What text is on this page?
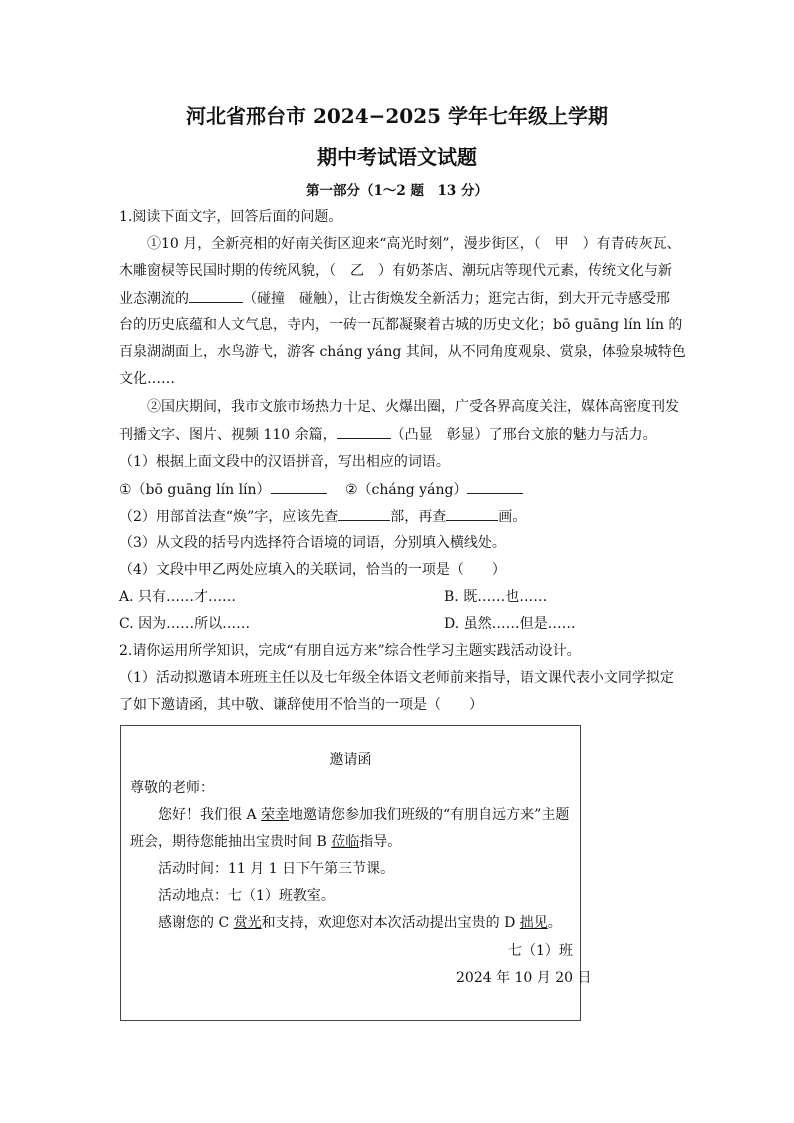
河北省邢台市 2024−2025 学年七年级上学期
期中考试语文试题
第一部分（1～2 题　13 分）
1.阅读下面文字，回答后面的问题。
①10 月，全新亮相的好南关街区迎来“高光时刻”，漫步街区，（　甲　）有青砖灰瓦、
木雕窗棂等民国时期的传统风貌，（　乙　）有奶茶店、潮玩店等现代元素，传统文化与新
业态潮流的	（碰撞　碰触），让古街焕发全新活力；逛完古街，到大开元寺感受邢
台的历史底蕴和人文气息，寺内，一砖一瓦都凝聚着古城的历史文化；bō guāng lín lín 的
百泉湖湖面上，水鸟游弋，游客 cháng yáng 其间，从不同角度观泉、赏泉，体验泉城特色
文化……
②国庆期间，我市文旅市场热力十足、火爆出圈，广受各界高度关注，媒体高密度刊发
刊播文字、图片、视频 110 余篇，	（凸显　彰显）了邢台文旅的魅力与活力。
（1）根据上面文段中的汉语拼音，写出相应的词语。
①（bō guāng lín lín）	②（cháng yáng）
（2）用部首法查“焕”字，应该先查	部，再查	画。
（3）从文段的括号内选择符合语境的词语，分别填入横线处。
（4）文段中甲乙两处应填入的关联词，恰当的一项是（　　）
A. 只有……才……	B. 既……也……
C. 因为……所以……	D. 虽然……但是……
2.请你运用所学知识，完成“有朋自远方来”综合性学习主题实践活动设计。
（1）活动拟邀请本班班主任以及七年级全体语文老师前来指导，语文课代表小文同学拟定
了如下邀请函，其中敬、谦辞使用不恰当的一项是（　　）
邀请函
尊敬的老师：
您好！我们很 A 荣幸地邀请您参加我们班级的“有朋自远方来”主题
班会，期待您能抽出宝贵时间 B 莅临指导。
活动时间：11 月 1 日下午第三节课。
活动地点：七（1）班教室。
感谢您的 C 赏光和支持，欢迎您对本次活动提出宝贵的 D 拙见。
七（1）班
2024 年 10 月 20 日
